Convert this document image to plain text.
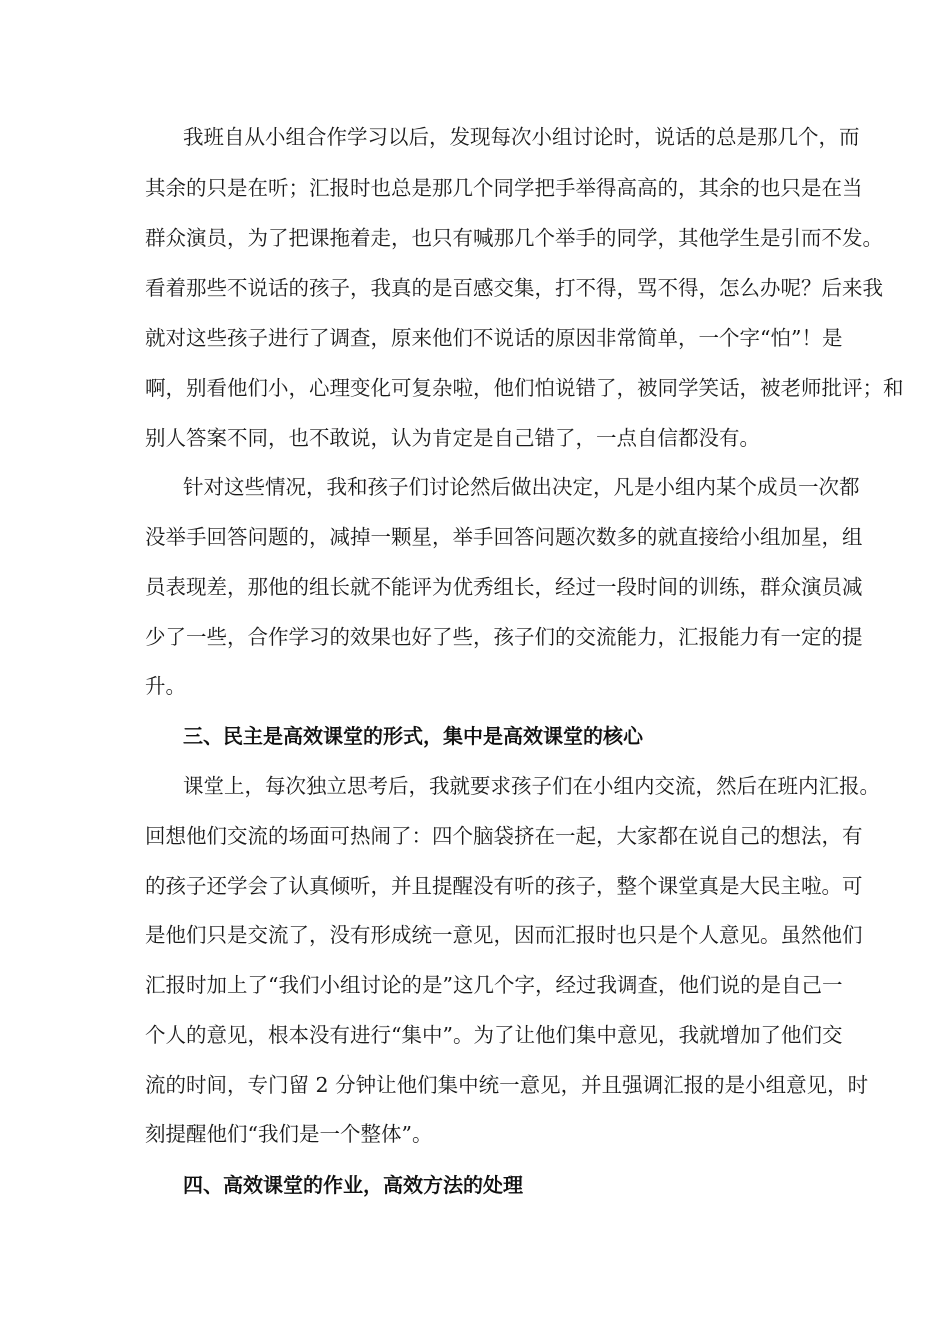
我班自从小组合作学习以后，发现每次小组讨论时，说话的总是那几个，而
其余的只是在听；汇报时也总是那几个同学把手举得高高的，其余的也只是在当
群众演员，为了把课拖着走，也只有喊那几个举手的同学，其他学生是引而不发。
看着那些不说话的孩子，我真的是百感交集，打不得，骂不得，怎么办呢？后来我
就对这些孩子进行了调查，原来他们不说话的原因非常简单，一个字“怕”！是
啊，别看他们小，心理变化可复杂啦，他们怕说错了，被同学笑话，被老师批评；和
别人答案不同，也不敢说，认为肯定是自己错了，一点自信都没有。
针对这些情况，我和孩子们讨论然后做出决定，凡是小组内某个成员一次都
没举手回答问题的，减掉一颗星，举手回答问题次数多的就直接给小组加星，组
员表现差，那他的组长就不能评为优秀组长，经过一段时间的训练，群众演员减
少了一些，合作学习的效果也好了些，孩子们的交流能力，汇报能力有一定的提
升。
三、民主是高效课堂的形式，集中是高效课堂的核心
课堂上，每次独立思考后，我就要求孩子们在小组内交流，然后在班内汇报。
回想他们交流的场面可热闹了：四个脑袋挤在一起，大家都在说自己的想法，有
的孩子还学会了认真倾听，并且提醒没有听的孩子，整个课堂真是大民主啦。可
是他们只是交流了，没有形成统一意见，因而汇报时也只是个人意见。虽然他们
汇报时加上了“我们小组讨论的是”这几个字，经过我调查，他们说的是自己一
个人的意见，根本没有进行“集中”。为了让他们集中意见，我就增加了他们交
流的时间，专门留 2 分钟让他们集中统一意见，并且强调汇报的是小组意见，时
刻提醒他们“我们是一个整体”。
四、高效课堂的作业，高效方法的处理
